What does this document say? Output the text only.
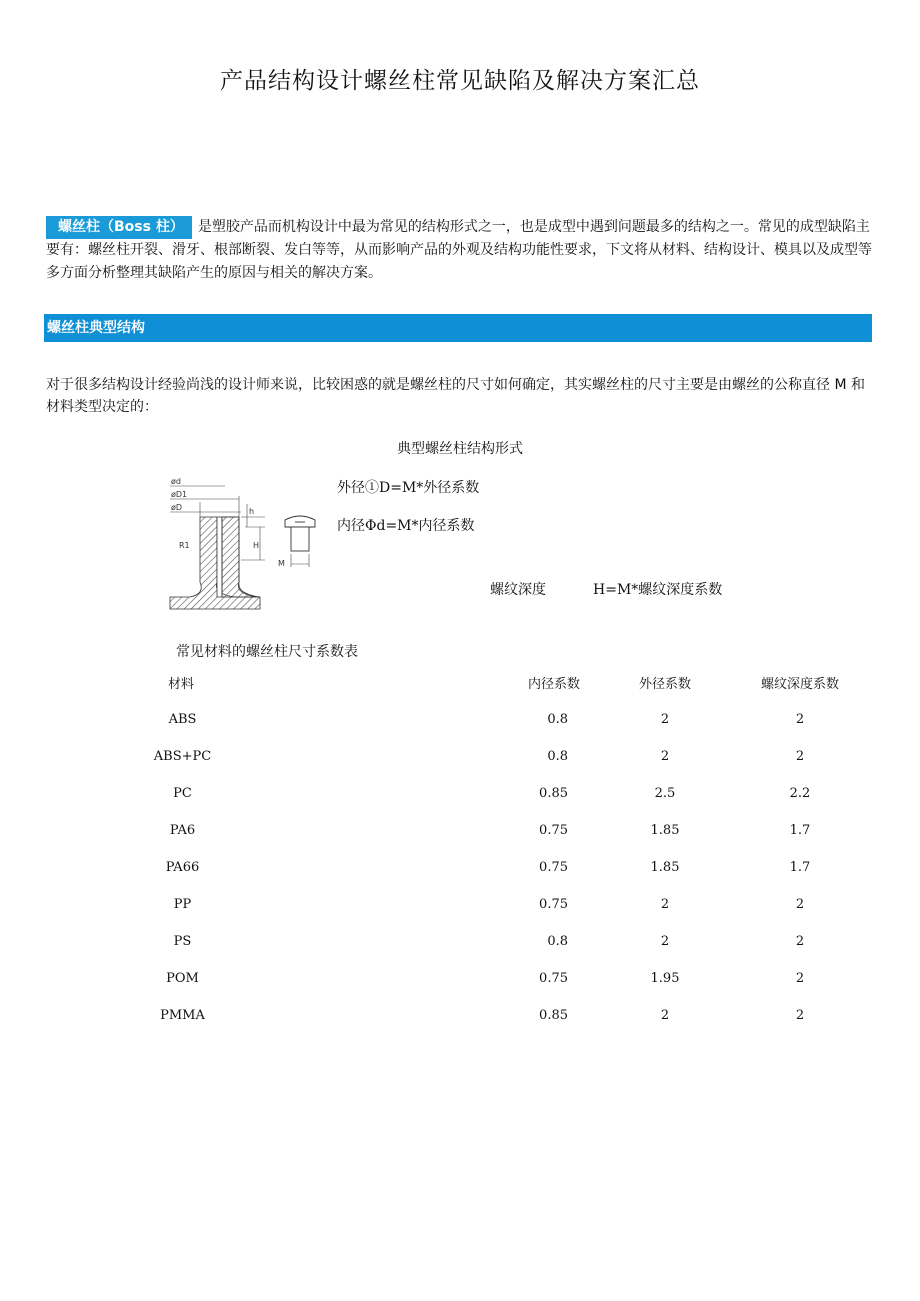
产品结构设计螺丝柱常见缺陷及解决方案汇总
螺丝柱（Boss 柱） 是塑胶产品而机构设计中最为常见的结构形式之一，也是成型中遇到问题最多的结构之一。常见的成型缺陷主要有：螺丝柱开裂、滑牙、根部断裂、发白等等，从而影响产品的外观及结构功能性要求，下文将从材料、结构设计、模具以及成型等多方面分析整理其缺陷产生的原因与相关的解决方案。
螺丝柱典型结构
对于很多结构设计经验尚浅的设计师来说，比较困惑的就是螺丝柱的尺寸如何确定，其实螺丝柱的尺寸主要是由螺丝的公称直径 M 和材料类型决定的：
典型螺丝柱结构形式
ød
øD1
øD	h
H
R1
M
外径①D=M*外径系数
内径Φd=M*内径系数
螺纹深度	H=M*螺纹深度系数
常见材料的螺丝柱尺寸系数表
材料	内径系数	外径系数	螺纹深度系数
ABS	0.8	2	2
ABS+PC	0.8	2	2
PC	0.85	2.5	2.2
PA6	0.75	1.85	1.7
PA66	0.75	1.85	1.7
PP	0.75	2	2
PS	0.8	2	2
POM	0.75	1.95	2
PMMA	0.85	2	2
